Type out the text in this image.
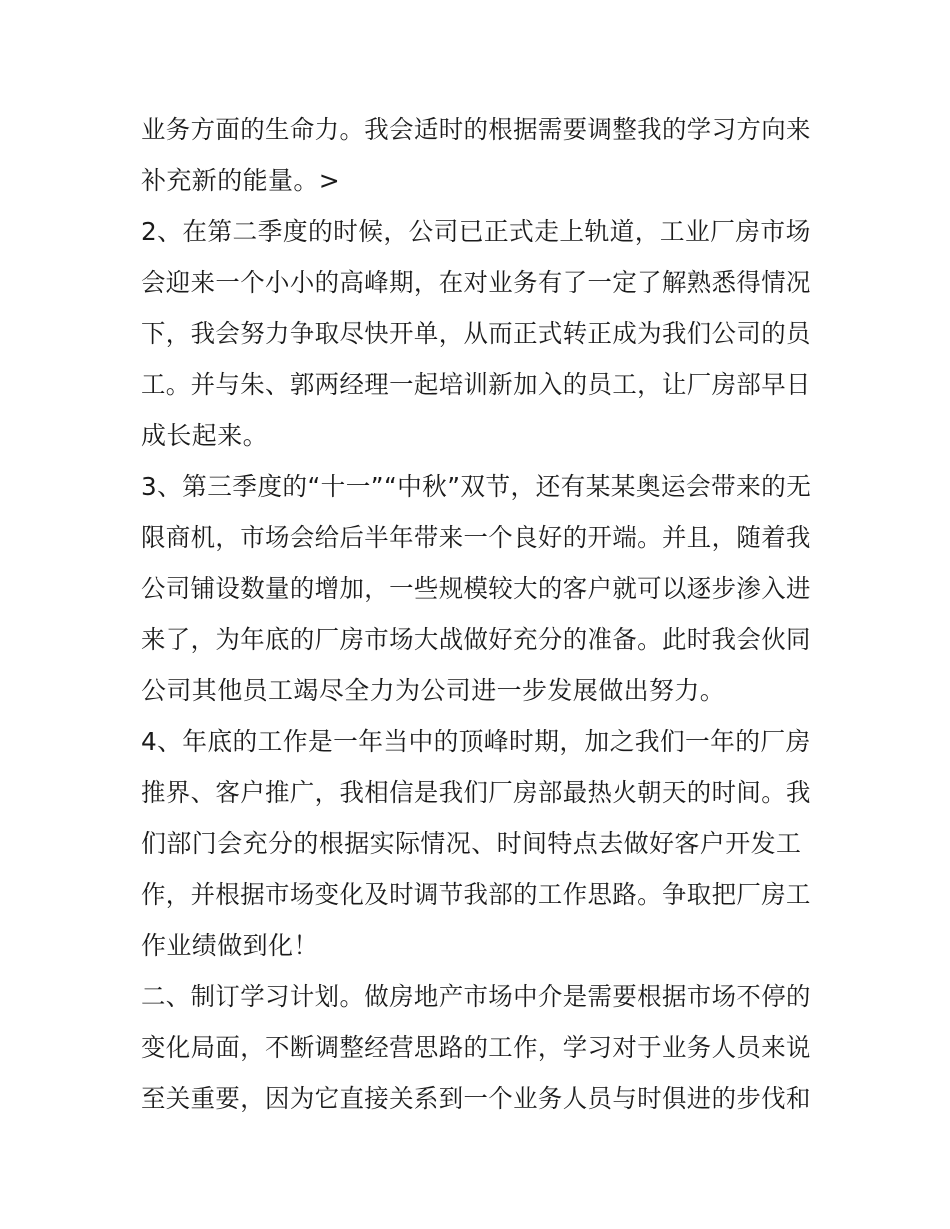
业务方面的生命力。我会适时的根据需要调整我的学习方向来
补充新的能量。>
2、在第二季度的时候，公司已正式走上轨道，工业厂房市场
会迎来一个小小的高峰期，在对业务有了一定了解熟悉得情况
下，我会努力争取尽快开单，从而正式转正成为我们公司的员
工。并与朱、郭两经理一起培训新加入的员工，让厂房部早日
成长起来。
3、第三季度的“十一”“中秋”双节，还有某某奥运会带来的无
限商机，市场会给后半年带来一个良好的开端。并且，随着我
公司铺设数量的增加，一些规模较大的客户就可以逐步渗入进
来了，为年底的厂房市场大战做好充分的准备。此时我会伙同
公司其他员工竭尽全力为公司进一步发展做出努力。
4、年底的工作是一年当中的顶峰时期，加之我们一年的厂房
推界、客户推广，我相信是我们厂房部最热火朝天的时间。我
们部门会充分的根据实际情况、时间特点去做好客户开发工
作，并根据市场变化及时调节我部的工作思路。争取把厂房工
作业绩做到化！
二、制订学习计划。做房地产市场中介是需要根据市场不停的
变化局面，不断调整经营思路的工作，学习对于业务人员来说
至关重要，因为它直接关系到一个业务人员与时俱进的步伐和
